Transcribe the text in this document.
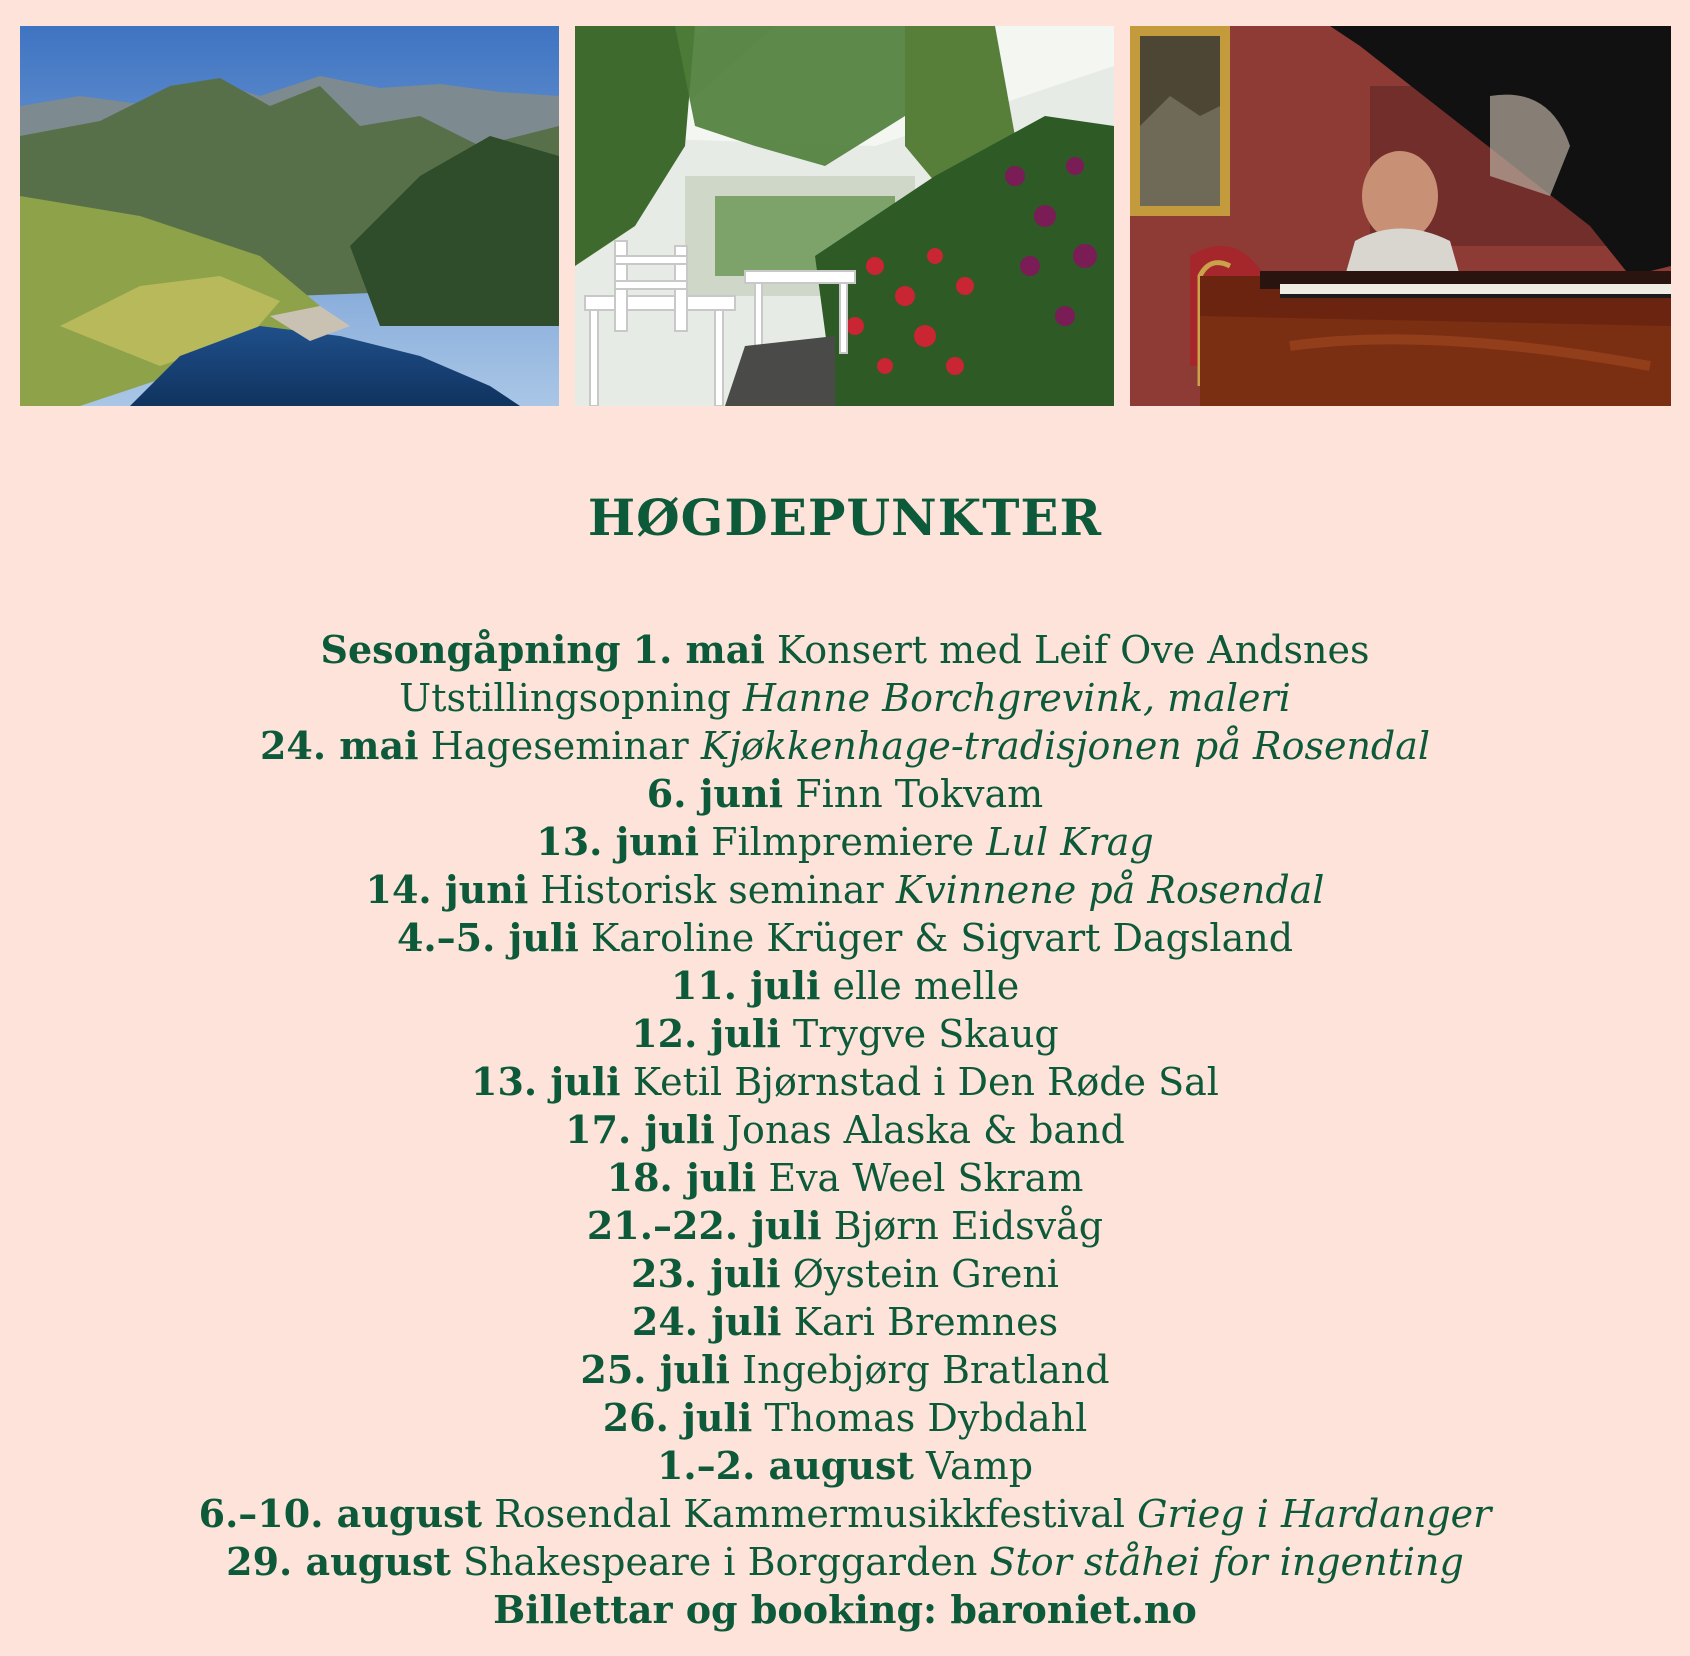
HØGDEPUNKTER
Sesongåpning 1. mai Konsert med Leif Ove Andsnes
Utstillingsopning Hanne Borchgrevink, maleri
24. mai Hageseminar Kjøkkenhage-tradisjonen på Rosendal
6. juni Finn Tokvam
13. juni Filmpremiere Lul Krag
14. juni Historisk seminar Kvinnene på Rosendal
4.–5. juli Karoline Krüger & Sigvart Dagsland
11. juli elle melle
12. juli Trygve Skaug
13. juli Ketil Bjørnstad i Den Røde Sal
17. juli Jonas Alaska & band
18. juli Eva Weel Skram
21.–22. juli Bjørn Eidsvåg
23. juli Øystein Greni
24. juli Kari Bremnes
25. juli Ingebjørg Bratland
26. juli Thomas Dybdahl
1.–2. august Vamp
6.–10. august Rosendal Kammermusikkfestival Grieg i Hardanger
29. august Shakespeare i Borggarden Stor ståhei for ingenting
Billettar og booking: baroniet.no
